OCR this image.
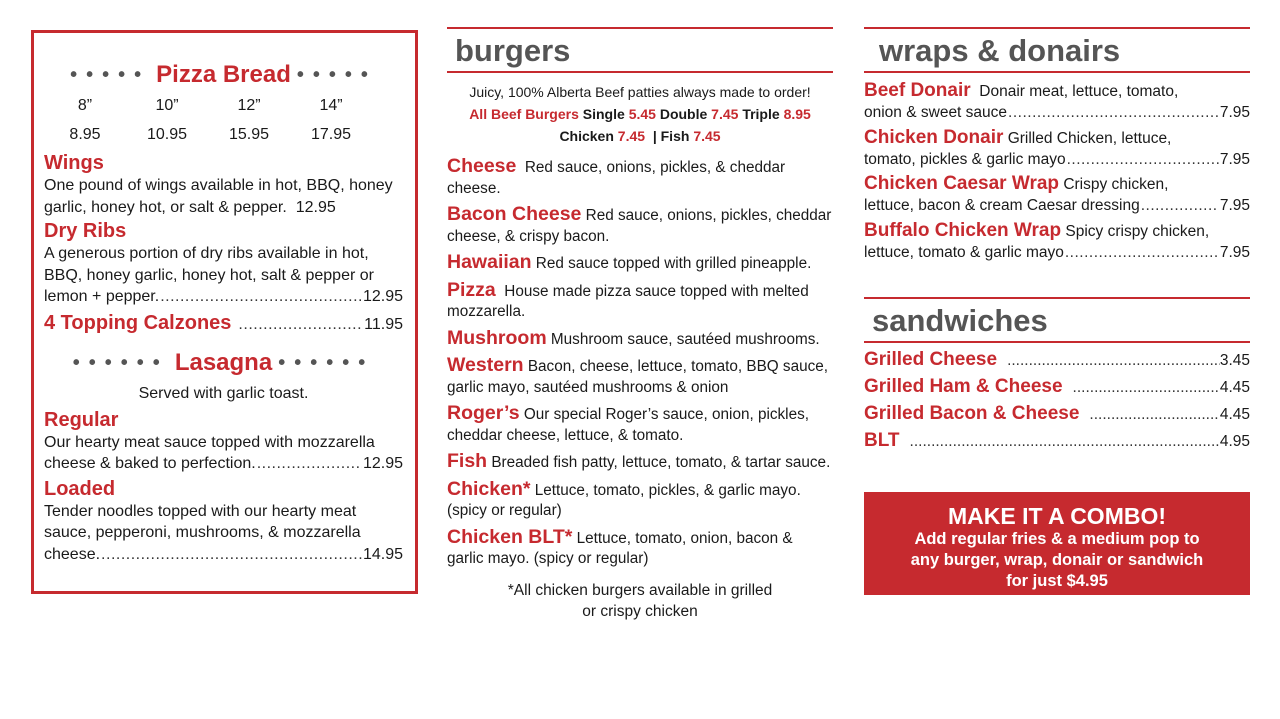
••••• Pizza Bread •••••
8”	10”	12”	14”
8.95	10.95	15.95	17.95
Wings
One pound of wings available in hot, BBQ, honey garlic, honey hot, or salt & pepper. 12.95
Dry Ribs
A generous portion of dry ribs available in hot, BBQ, honey garlic, honey hot, salt & pepper or
lemon + pepper. .....	12.95
4 Topping Calzones .....	11.95
•••••• Lasagna ••••••
Served with garlic toast.
Regular
Our hearty meat sauce topped with mozzarella
cheese & baked to perfection. .....	12.95
Loaded
Tender noodles topped with our hearty meat sauce, pepperoni, mushrooms, & mozzarella
cheese. .....	14.95
burgers
Juicy, 100% Alberta Beef patties always made to order!
All Beef Burgers Single 5.45 Double 7.45 Triple 8.95
Chicken 7.45 | Fish 7.45
Cheese Red sauce, onions, pickles, & cheddar cheese.
Bacon Cheese Red sauce, onions, pickles, cheddar cheese, & crispy bacon.
Hawaiian Red sauce topped with grilled pineapple.
Pizza House made pizza sauce topped with melted mozzarella.
Mushroom Mushroom sauce, sautéed mushrooms.
Western Bacon, cheese, lettuce, tomato, BBQ sauce, garlic mayo, sautéed mushrooms & onion
Roger’s Our special Roger’s sauce, onion, pickles, cheddar cheese, lettuce, & tomato.
Fish Breaded fish patty, lettuce, tomato, & tartar sauce.
Chicken* Lettuce, tomato, pickles, & garlic mayo. (spicy or regular)
Chicken BLT* Lettuce, tomato, onion, bacon & garlic mayo. (spicy or regular)
*All chicken burgers available in grilled
or crispy chicken
wraps & donairs
Beef Donair Donair meat, lettuce, tomato,
onion & sweet sauce .....	7.95
Chicken Donair Grilled Chicken, lettuce,
tomato, pickles & garlic mayo .....	7.95
Chicken Caesar Wrap Crispy chicken,
lettuce, bacon & cream Caesar dressing .....	7.95
Buffalo Chicken Wrap Spicy crispy chicken,
lettuce, tomato & garlic mayo .....	7.95
sandwiches
Grilled Cheese .....	3.45
Grilled Ham & Cheese .....	4.45
Grilled Bacon & Cheese .....	4.45
BLT .....	4.95
MAKE IT A COMBO!
Add regular fries & a medium pop to
any burger, wrap, donair or sandwich
for just $4.95
